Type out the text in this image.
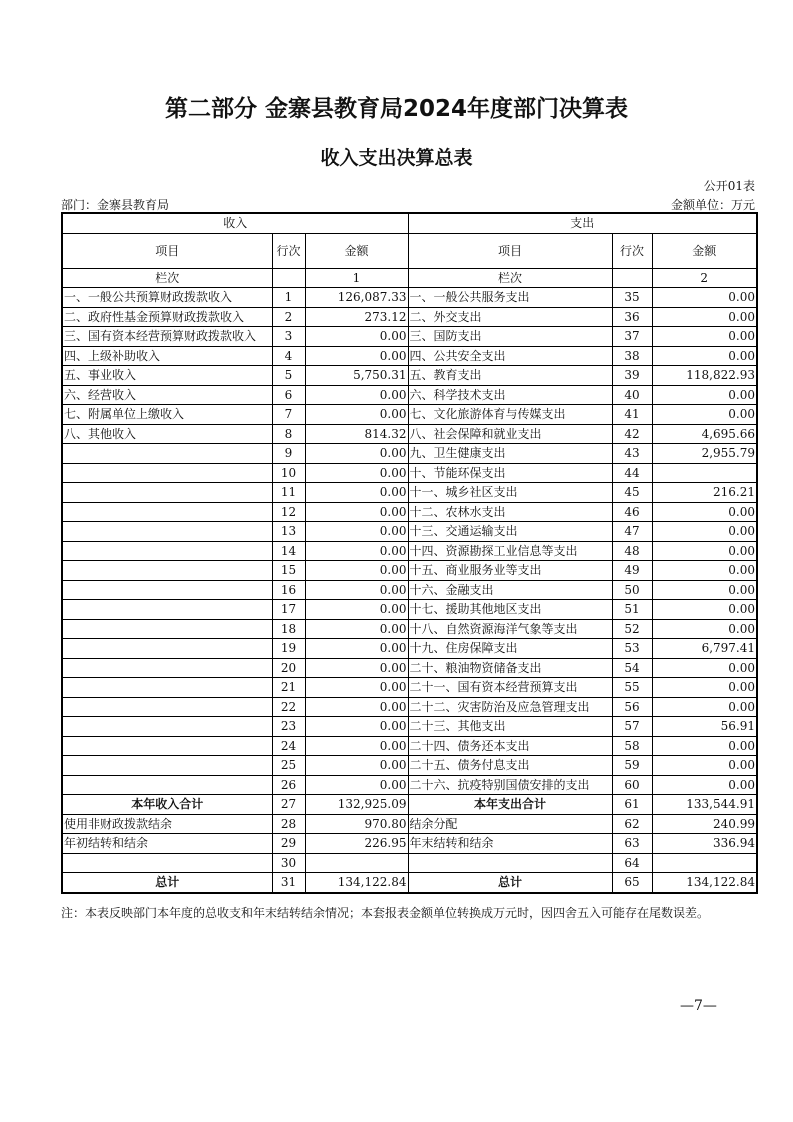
第二部分 金寨县教育局2024年度部门决算表
收入支出决算总表
公开01表
部门：金寨县教育局	金额单位：万元
收入			支出		
项目	行次	金额	项目	行次	金额
栏次		1	栏次		2
一、一般公共预算财政拨款收入	1	126,087.33	一、一般公共服务支出	35	0.00
二、政府性基金预算财政拨款收入	2	273.12	二、外交支出	36	0.00
三、国有资本经营预算财政拨款收入	3	0.00	三、国防支出	37	0.00
四、上级补助收入	4	0.00	四、公共安全支出	38	0.00
五、事业收入	5	5,750.31	五、教育支出	39	118,822.93
六、经营收入	6	0.00	六、科学技术支出	40	0.00
七、附属单位上缴收入	7	0.00	七、文化旅游体育与传媒支出	41	0.00
八、其他收入	8	814.32	八、社会保障和就业支出	42	4,695.66
	9	0.00	九、卫生健康支出	43	2,955.79
	10	0.00	十、节能环保支出	44	
	11	0.00	十一、城乡社区支出	45	216.21
	12	0.00	十二、农林水支出	46	0.00
	13	0.00	十三、交通运输支出	47	0.00
	14	0.00	十四、资源勘探工业信息等支出	48	0.00
	15	0.00	十五、商业服务业等支出	49	0.00
	16	0.00	十六、金融支出	50	0.00
	17	0.00	十七、援助其他地区支出	51	0.00
	18	0.00	十八、自然资源海洋气象等支出	52	0.00
	19	0.00	十九、住房保障支出	53	6,797.41
	20	0.00	二十、粮油物资储备支出	54	0.00
	21	0.00	二十一、国有资本经营预算支出	55	0.00
	22	0.00	二十二、灾害防治及应急管理支出	56	0.00
	23	0.00	二十三、其他支出	57	56.91
	24	0.00	二十四、债务还本支出	58	0.00
	25	0.00	二十五、债务付息支出	59	0.00
	26	0.00	二十六、抗疫特别国债安排的支出	60	0.00
本年收入合计	27	132,925.09	本年支出合计	61	133,544.91
使用非财政拨款结余	28	970.80	结余分配	62	240.99
年初结转和结余	29	226.95	年末结转和结余	63	336.94
	30			64	
总计	31	134,122.84	总计	65	134,122.84
注：本表反映部门本年度的总收支和年末结转结余情况；本套报表金额单位转换成万元时，因四舍五入可能存在尾数误差。
—7—
